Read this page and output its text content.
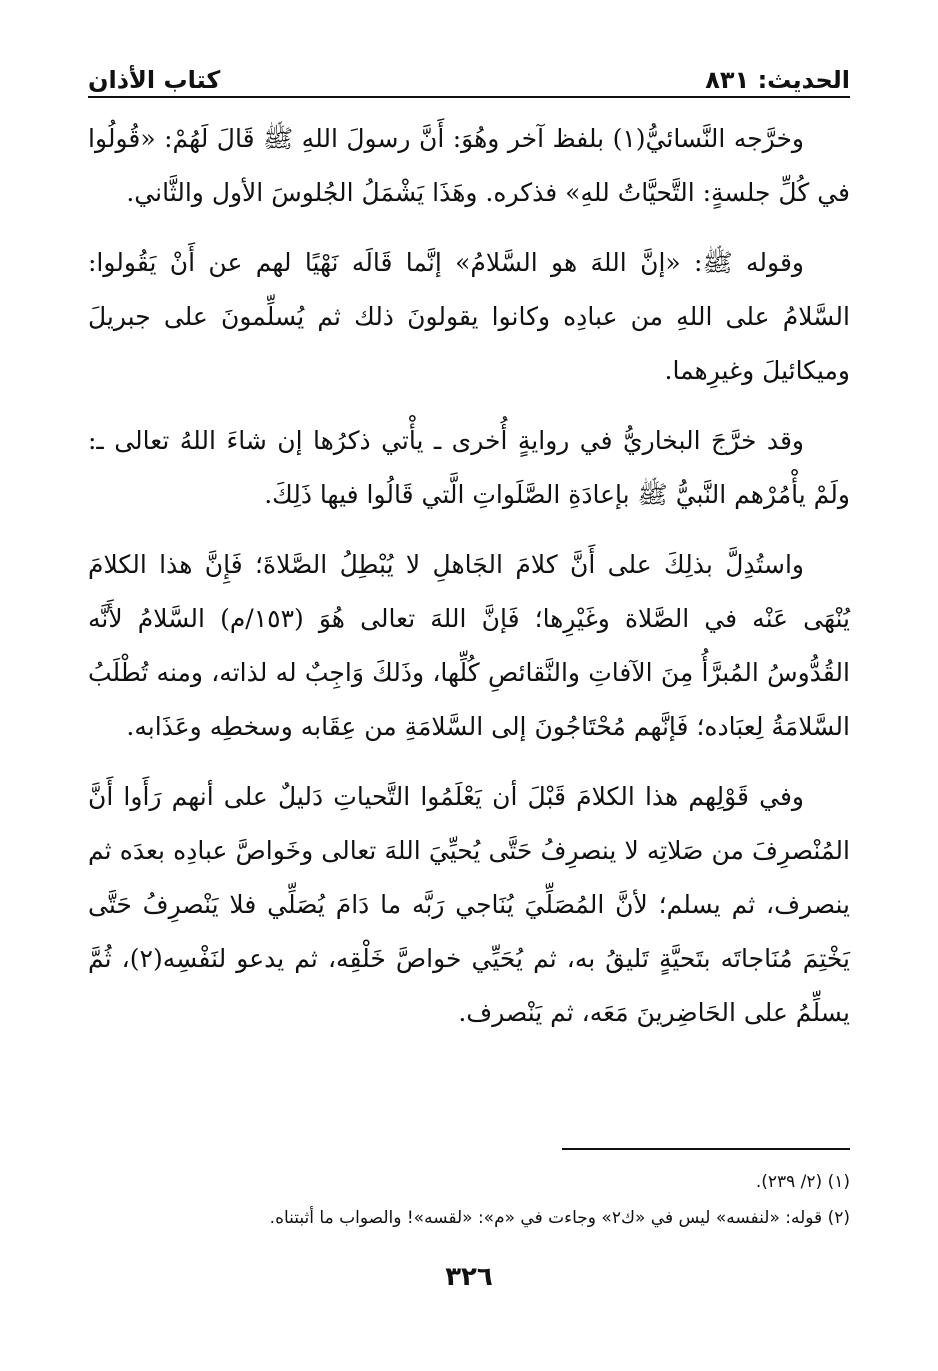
الحديث: ٨٣١
كتاب الأذان

وخرَّجه النَّسائيُّ(١) بلفظ آخر وهُوَ: أَنَّ رسولَ اللهِ ﷺ قَالَ لَهُمْ: «قُولُوا في كُلِّ جلسةٍ: التَّحيَّاتُ للهِ» فذكره. وهَذَا يَشْمَلُ الجُلوسَ الأول والثَّاني.

وقوله ﷺ: «إنَّ اللهَ هو السَّلامُ» إنَّما قَالَه نَهْيًا لهم عن أَنْ يَقُولوا: السَّلامُ على اللهِ من عبادِه وكانوا يقولونَ ذلك ثم يُسلِّمونَ على جبريلَ وميكائيلَ وغيرِهما.

وقد خرَّجَ البخاريُّ في روايةٍ أُخرى ـ يأْتي ذكرُها إن شاءَ اللهُ تعالى ـ: ولَمْ يأْمُرْهم النَّبيُّ ﷺ بإعادَةِ الصَّلَواتِ الَّتي قَالُوا فيها ذَلِكَ.

واستُدِلَّ بذلِكَ على أَنَّ كلامَ الجَاهلِ لا يُبْطِلُ الصَّلاةَ؛ فَإِنَّ هذا الكلامَ يُنْهَى عَنْه في الصَّلاة وغَيْرِها؛ فَإنَّ اللهَ تعالى هُوَ (١٥٣/م) السَّلامُ لأَنَّه القُدُّوسُ المُبرَّأُ مِنَ الآفاتِ والنَّقائصِ كُلِّها، وذَلكَ وَاجِبٌ له لذاته، ومنه تُطْلَبُ السَّلامَةُ لِعبَاده؛ فَإنَّهم مُحْتَاجُونَ إلى السَّلامَةِ من عِقَابه وسخطِه وعَذَابه.

وفي قَوْلِهم هذا الكلامَ قَبْلَ أن يَعْلَمُوا التَّحياتِ دَليلٌ على أنهم رَأَوا أَنَّ المُنْصرِفَ من صَلاتِه لا ينصرِفُ حَتَّى يُحيِّيَ اللهَ تعالى وخَواصَّ عبادِه بعدَه ثم ينصرف، ثم يسلم؛ لأنَّ المُصَلِّيَ يُنَاجي رَبَّه ما دَامَ يُصَلِّي فلا يَنْصرِفُ حَتَّى يَخْتِمَ مُنَاجاتَه بتَحيَّةٍ تَليقُ به، ثم يُحَيِّي خواصَّ خَلْقِه، ثم يدعو لنَفْسِه(٢)، ثُمَّ يسلِّمُ على الحَاضِرينَ مَعَه، ثم يَنْصرف.

(١) (٢/ ٢٣٩).
(٢) قوله: «لنفسه» ليس في «ك٢» وجاءت في «م»: «لقسه»! والصواب ما أثبتناه.
٣٢٦
